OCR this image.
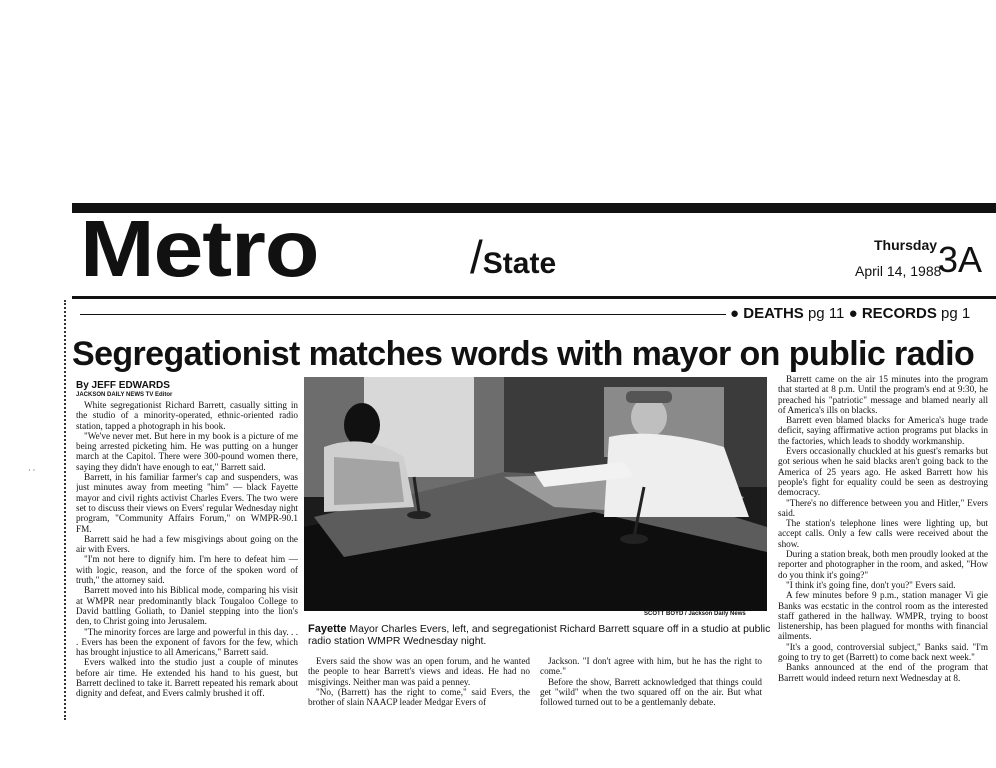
· ·
Metro	/State
Thursday
April 14, 1988
3A
● DEATHS pg 11 ● RECORDS pg 1
Segregationist matches words with mayor on public radio
By JEFF EDWARDS
JACKSON DAILY NEWS TV Editor

White segregationist Richard Barrett, casually sitting in the studio of a minority-operated, ethnic-oriented radio station, tapped a photograph in his book.

"We've never met. But here in my book is a picture of me being arrested picketing him. He was putting on a hunger march at the Capitol. There were 300-pound women there, saying they didn't have enough to eat," Barrett said.

Barrett, in his familiar farmer's cap and suspenders, was just minutes away from meeting "him" — black Fayette mayor and civil rights activist Charles Evers. The two were set to discuss their views on Evers' regular Wednesday night program, "Community Affairs Forum," on WMPR-90.1 FM.

Barrett said he had a few misgivings about going on the air with Evers.

"I'm not here to dignify him. I'm here to defeat him — with logic, reason, and the force of the spoken word of truth," the attorney said.

Barrett moved into his Biblical mode, comparing his visit at WMPR near predominantly black Tougaloo College to David battling Goliath, to Daniel stepping into the lion's den, to Christ going into Jerusalem.

"The minority forces are large and powerful in this day. . . . Evers has been the exponent of favors for the few, which has brought injustice to all Americans," Barrett said.

Evers walked into the studio just a couple of minutes before air time. He extended his hand to his guest, but Barrett declined to take it. Barrett repeated his remark about dignity and defeat, and Evers calmly brushed it off.

SCOTT BOYD / Jackson Daily News
Fayette Mayor Charles Evers, left, and segregationist Richard Barrett square off in a studio at public radio station WMPR Wednesday night.

Evers said the show was an open forum, and he wanted the people to hear Barrett's views and ideas. He had no misgivings. Neither man was paid a penney.

"No, (Barrett) has the right to come," said Evers, the brother of slain NAACP leader Medgar Evers of

Jackson. "I don't agree with him, but he has the right to come."

Before the show, Barrett acknowledged that things could get "wild" when the two squared off on the air. But what followed turned out to be a gentlemanly debate.

Barrett came on the air 15 minutes into the program that started at 8 p.m. Until the program's end at 9:30, he preached his "patriotic" message and blamed nearly all of America's ills on blacks.

Barrett even blamed blacks for America's huge trade deficit, saying affirmative action programs put blacks in the factories, which leads to shoddy workmanship.

Evers occasionally chuckled at his guest's remarks but got serious when he said blacks aren't going back to the America of 25 years ago. He asked Barrett how his people's fight for equality could be seen as destroying democracy.

"There's no difference between you and Hitler," Evers said.

The station's telephone lines were lighting up, but accept calls. Only a few calls were received about the show.

During a station break, both men proudly looked at the reporter and photographer in the room, and asked, "How do you think it's going?"

"I think it's going fine, don't you?" Evers said.

A few minutes before 9 p.m., station manager Vi gie Banks was ecstatic in the control room as the interested staff gathered in the hallway. WMPR, trying to boost listenership, has been plagued for months with financial ailments.

"It's a good, controversial subject," Banks said. "I'm going to try to get (Barrett) to come back next week."

Banks announced at the end of the program that Barrett would indeed return next Wednesday at 8.
